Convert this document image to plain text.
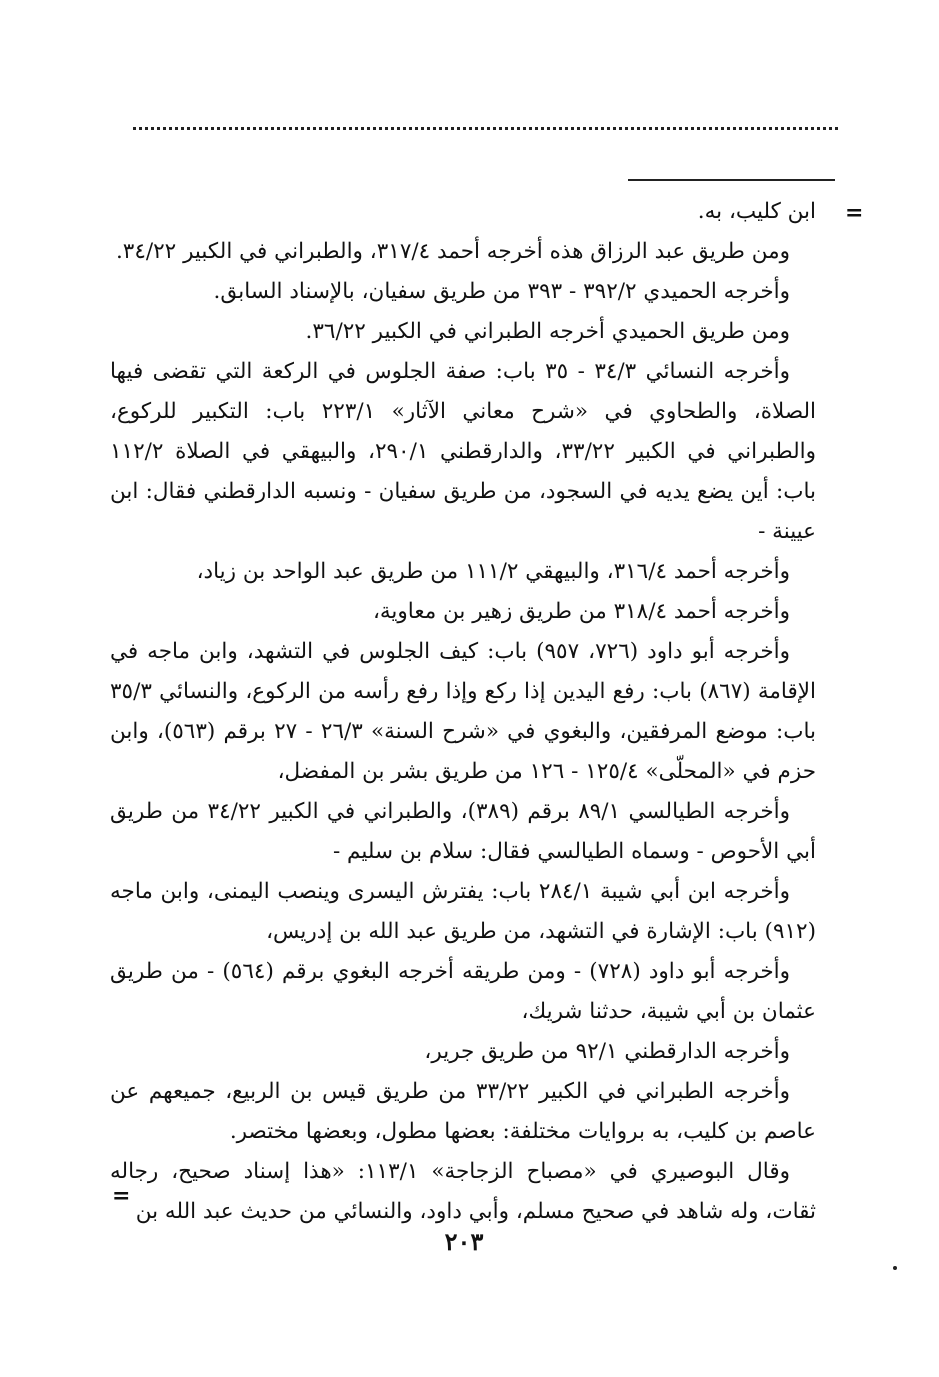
=

ابن كليب، به.

ومن طريق عبد الرزاق هذه أخرجه أحمد ٣١٧/٤، والطبراني في الكبير ٣٤/٢٢.

وأخرجه الحميدي ٣٩٢/٢ - ٣٩٣ من طريق سفيان، بالإسناد السابق.

ومن طريق الحميدي أخرجه الطبراني في الكبير ٣٦/٢٢.

وأخرجه النسائي ٣٤/٣ - ٣٥ باب: صفة الجلوس في الركعة التي تقضى فيها الصلاة، والطحاوي في «شرح معاني الآثار» ٢٢٣/١ باب: التكبير للركوع، والطبراني في الكبير ٣٣/٢٢، والدارقطني ٢٩٠/١، والبيهقي في الصلاة ١١٢/٢ باب: أين يضع يديه في السجود، من طريق سفيان - ونسبه الدارقطني فقال: ابن عيينة -

وأخرجه أحمد ٣١٦/٤، والبيهقي ١١١/٢ من طريق عبد الواحد بن زياد،

وأخرجه أحمد ٣١٨/٤ من طريق زهير بن معاوية،

وأخرجه أبو داود (٧٢٦، ٩٥٧) باب: كيف الجلوس في التشهد، وابن ماجه في الإقامة (٨٦٧) باب: رفع اليدين إذا ركع وإذا رفع رأسه من الركوع، والنسائي ٣٥/٣ باب: موضع المرفقين، والبغوي في «شرح السنة» ٢٦/٣ - ٢٧ برقم (٥٦٣)، وابن حزم في «المحلّى» ١٢٥/٤ - ١٢٦ من طريق بشر بن المفضل،

وأخرجه الطيالسي ٨٩/١ برقم (٣٨٩)، والطبراني في الكبير ٣٤/٢٢ من طريق أبي الأحوص - وسماه الطيالسي فقال: سلام بن سليم -

وأخرجه ابن أبي شيبة ٢٨٤/١ باب: يفترش اليسرى وينصب اليمنى، وابن ماجه (٩١٢) باب: الإشارة في التشهد، من طريق عبد الله بن إدريس،

وأخرجه أبو داود (٧٢٨) - ومن طريقه أخرجه البغوي برقم (٥٦٤) - من طريق عثمان بن أبي شيبة، حدثنا شريك،

وأخرجه الدارقطني ٩٢/١ من طريق جرير،

وأخرجه الطبراني في الكبير ٣٣/٢٢ من طريق قيس بن الربيع، جميعهم عن عاصم بن كليب، به بروايات مختلفة: بعضها مطول، وبعضها مختصر.

وقال البوصيري في «مصباح الزجاجة» ١١٣/١: «هذا إسناد صحيح، رجاله ثقات، وله شاهد في صحيح مسلم، وأبي داود، والنسائي من حديث عبد الله بن

=
٢٠٣
